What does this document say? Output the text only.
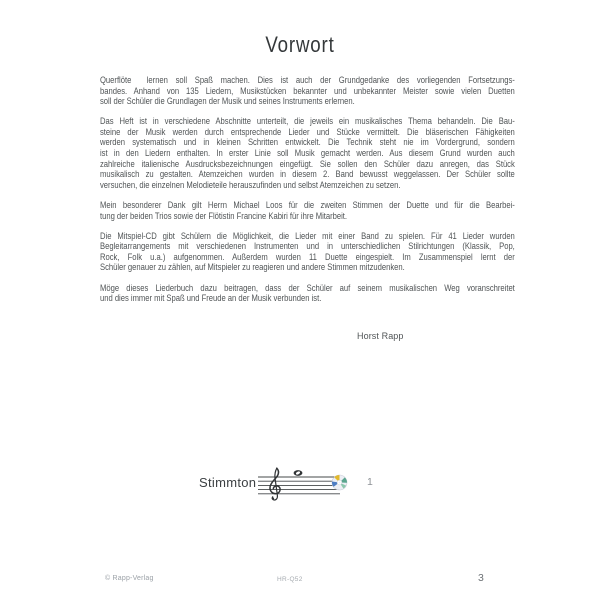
Vorwort
Querflöte  lernen soll Spaß machen. Dies ist auch der Grundgedanke des vorliegenden Fortsetzungs-
bandes. Anhand von 135 Liedern, Musikstücken bekannter und unbekannter Meister sowie vielen Duetten
soll der Schüler die Grundlagen der Musik und seines Instruments erlernen.
Das Heft ist in verschiedene Abschnitte unterteilt, die jeweils ein musikalisches Thema behandeln. Die Bau-
steine der Musik werden durch entsprechende Lieder und Stücke vermittelt. Die bläserischen Fähigkeiten
werden systematisch und in kleinen Schritten entwickelt. Die Technik steht nie im Vordergrund, sondern
ist in den Liedern enthalten. In erster Linie soll Musik gemacht werden. Aus diesem Grund wurden auch
zahlreiche italienische Ausdrucksbezeichnungen eingefügt. Sie sollen den Schüler dazu anregen, das Stück
musikalisch zu gestalten. Atemzeichen wurden in diesem 2. Band bewusst weggelassen. Der Schüler sollte
versuchen, die einzelnen Melodieteile herauszufinden und selbst Atemzeichen zu setzen.
Mein besonderer Dank gilt Herrn Michael Loos für die zweiten Stimmen der Duette und für die Bearbei-
tung der beiden Trios sowie der Flötistin Francine Kabiri für ihre Mitarbeit.
Die Mitspiel-CD gibt Schülern die Möglichkeit, die Lieder mit einer Band zu spielen. Für 41 Lieder wurden
Begleitarrangements mit verschiedenen Instrumenten und in unterschiedlichen Stilrichtungen (Klassik, Pop,
Rock, Folk u.a.) aufgenommen. Außerdem wurden 11 Duette eingespielt. Im Zusammenspiel lernt der
Schüler genauer zu zählen, auf Mitspieler zu reagieren und andere Stimmen mitzudenken.
Möge dieses Liederbuch dazu beitragen, dass der Schüler auf seinem musikalischen Weg voranschreitet
und dies immer mit Spaß und Freude an der Musik verbunden ist.
Horst Rapp
Stimmton	1
© Rapp-Verlag	HR-Q52	3
